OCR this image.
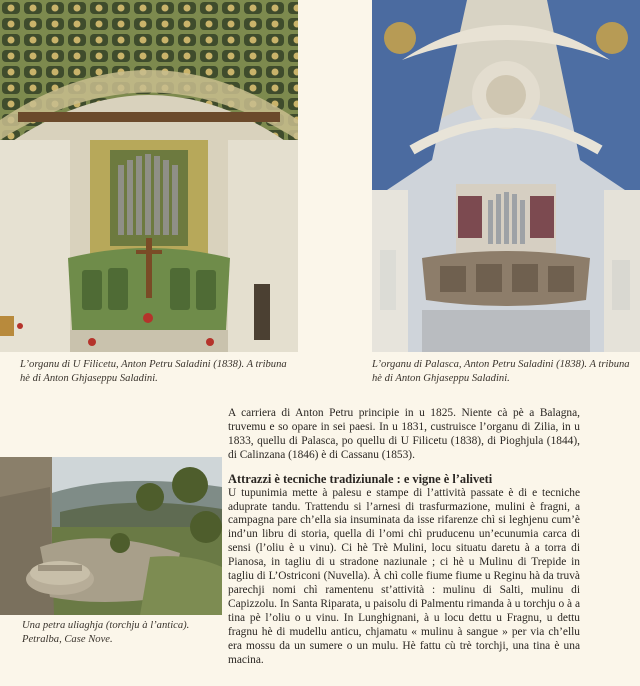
L’organu di U Filicetu, Anton Petru Saladini (1838). A tribuna hè di Anton Ghjaseppu Saladini.
L’organu di Palasca, Anton Petru Saladini (1838). A tribuna hè di Anton Ghjaseppu Saladini.
Una petra uliaghja (torchju à l’antica). Petralba, Case Nove.

A carriera di Anton Petru principie in u 1825. Niente cà pè a Balagna, truvemu e so opare in sei paesi. In u 1831, custruisce l’organu di Zilia, in u 1833, quellu di Palasca, po quellu di U Filicetu (1838), di Pioghjula (1844), di Calinzana (1846) è di Cassanu (1853).

Attrazzi è tecniche tradiziunale : e vigne è l’aliveti

U tupunimia mette à palesu e stampe di l’attività passate è di e tecniche aduprate tandu. Trattendu si l’arnesi di trasfurmazione, mulini è fragni, a campagna pare ch’ella sia insuminata da isse rifarenze chì si leghjenu cum’è ind’un libru di storia, quella di l’omi chì pruducenu un’ecunumia carca di sensi (l’oliu è u vinu). Ci hè Trè Mulini, locu situatu daretu à a torra di Pianosa, in tagliu di u stradone naziunale ; ci hè u Mulinu di Trepide in tagliu di L’Ostriconi (Nuvella). À chì colle fiume fiume u Reginu hà da truvà parechji nomi chì ramentenu st’attività : mulinu di Salti, mulinu di Capizzolu. In Santa Riparata, u paisolu di Palmentu rimanda à u torchju o à a tina pè l’oliu o u vinu. In Lunghignani, à u locu dettu u Fragnu, u dettu fragnu hè di mudellu anticu, chjamatu « mulinu à sangue » per via ch’ellu era mossu da un sumere o un mulu. Hè fattu cù trè torchji, una tina è una macina.
